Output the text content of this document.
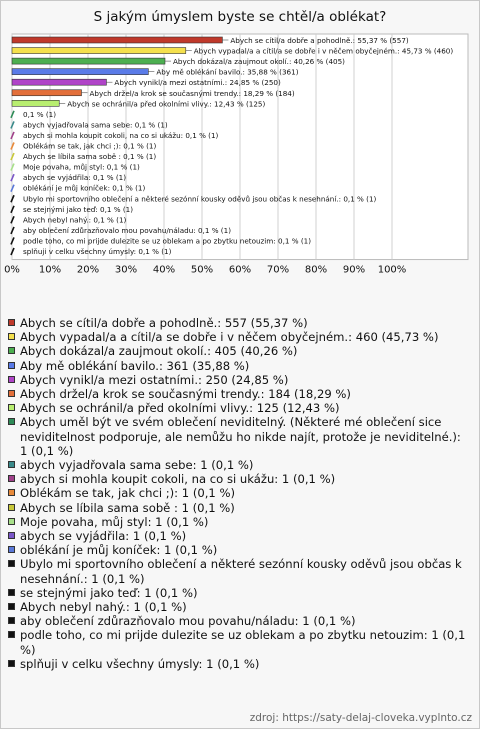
S jakým úmyslem byste se chtěl/a oblékat?
0% 10% 20% 30% 40% 50% 60% 70% 80% 90% 100%
Abych se cítil/a dobře a pohodlně.: 55,37 % (557)
Abych vypadal/a a cítil/a se dobře i v něčem obyčejném.: 45,73 % (460)
Abych dokázal/a zaujmout okolí.: 40,26 % (405)
Aby mě oblékání bavilo.: 35,88 % (361)
Abych vynikl/a mezi ostatními.: 24,85 % (250)
Abych držel/a krok se současnými trendy.: 18,29 % (184)
Abych se ochránil/a před okolními vlivy.: 12,43 % (125)
0,1 % (1)
abych vyjadřovala sama sebe: 0,1 % (1)
abych si mohla koupit cokoli, na co si ukážu: 0,1 % (1)
Oblékám se tak, jak chci ;): 0,1 % (1)
Abych se líbila sama sobě : 0,1 % (1)
Moje povaha, můj styl: 0,1 % (1)
abych se vyjádřila: 0,1 % (1)
oblékání je můj koníček: 0,1 % (1)
Ubylo mi sportovního oblečení a některé sezónní kousky oděvů jsou občas k nesehnání.: 0,1 % (1)
se stejnými jako teď: 0,1 % (1)
Abych nebyl nahý.: 0,1 % (1)
aby oblečení zdůrazňovalo mou povahu/náladu: 0,1 % (1)
podle toho, co mi prijde dulezite se uz oblekam a po zbytku netouzim: 0,1 % (1)
splňuji v celku všechny úmysly: 0,1 % (1)
Abych se cítil/a dobře a pohodlně.: 557 (55,37 %)
Abych vypadal/a a cítil/a se dobře i v něčem obyčejném.: 460 (45,73 %)
Abych dokázal/a zaujmout okolí.: 405 (40,26 %)
Aby mě oblékání bavilo.: 361 (35,88 %)
Abych vynikl/a mezi ostatními.: 250 (24,85 %)
Abych držel/a krok se současnými trendy.: 184 (18,29 %)
Abych se ochránil/a před okolními vlivy.: 125 (12,43 %)
Abych uměl být ve svém oblečení neviditelný. (Některé mé oblečení sice neviditelnost podporuje, ale nemůžu ho nikde najít, protože je neviditelné.): 1 (0,1 %)
abych vyjadřovala sama sebe: 1 (0,1 %)
abych si mohla koupit cokoli, na co si ukážu: 1 (0,1 %)
Oblékám se tak, jak chci ;): 1 (0,1 %)
Abych se líbila sama sobě : 1 (0,1 %)
Moje povaha, můj styl: 1 (0,1 %)
abych se vyjádřila: 1 (0,1 %)
oblékání je můj koníček: 1 (0,1 %)
Ubylo mi sportovního oblečení a některé sezónní kousky oděvů jsou občas k nesehnání.: 1 (0,1 %)
se stejnými jako teď: 1 (0,1 %)
Abych nebyl nahý.: 1 (0,1 %)
aby oblečení zdůrazňovalo mou povahu/náladu: 1 (0,1 %)
podle toho, co mi prijde dulezite se uz oblekam a po zbytku netouzim: 1 (0,1 %)
splňuji v celku všechny úmysly: 1 (0,1 %)
zdroj: https://saty-delaj-cloveka.vyplnto.cz
